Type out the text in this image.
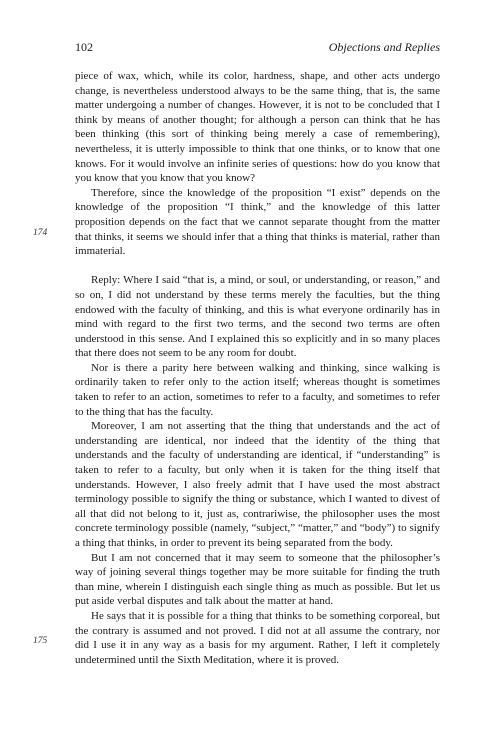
102	Objections and Replies
174
175

piece of wax, which, while its color, hardness, shape, and other acts undergo change, is nevertheless understood always to be the same thing, that is, the same matter undergoing a number of changes. However, it is not to be concluded that I think by means of another thought; for although a person can think that he has been thinking (this sort of thinking being merely a case of remembering), nevertheless, it is utterly impossible to think that one thinks, or to know that one knows. For it would involve an infinite series of questions: how do you know that you know that you know that you know?

Therefore, since the knowledge of the proposition “I exist” depends on the knowledge of the proposition “I think,” and the knowledge of this latter proposition depends on the fact that we cannot separate thought from the matter that thinks, it seems we should infer that a thing that thinks is material, rather than immaterial.

Reply: Where I said “that is, a mind, or soul, or understanding, or reason,” and so on, I did not understand by these terms merely the faculties, but the thing endowed with the faculty of thinking, and this is what everyone ordinarily has in mind with regard to the first two terms, and the second two terms are often understood in this sense. And I explained this so explicitly and in so many places that there does not seem to be any room for doubt.

Nor is there a parity here between walking and thinking, since walking is ordinarily taken to refer only to the action itself; whereas thought is sometimes taken to refer to an action, sometimes to refer to a faculty, and sometimes to refer to the thing that has the faculty.

Moreover, I am not asserting that the thing that understands and the act of understanding are identical, nor indeed that the identity of the thing that understands and the faculty of understanding are identical, if “understanding” is taken to refer to a faculty, but only when it is taken for the thing itself that understands. However, I also freely admit that I have used the most abstract terminology possible to signify the thing or substance, which I wanted to divest of all that did not belong to it, just as, contrariwise, the philosopher uses the most concrete terminology possible (namely, “subject,” “matter,” and “body”) to signify a thing that thinks, in order to prevent its being separated from the body.

But I am not concerned that it may seem to someone that the philosopher’s way of joining several things together may be more suitable for finding the truth than mine, wherein I distinguish each single thing as much as possible. But let us put aside verbal disputes and talk about the matter at hand.

He says that it is possible for a thing that thinks to be something corporeal, but the contrary is assumed and not proved. I did not at all assume the contrary, nor did I use it in any way as a basis for my argument. Rather, I left it completely undetermined until the Sixth Meditation, where it is proved.
